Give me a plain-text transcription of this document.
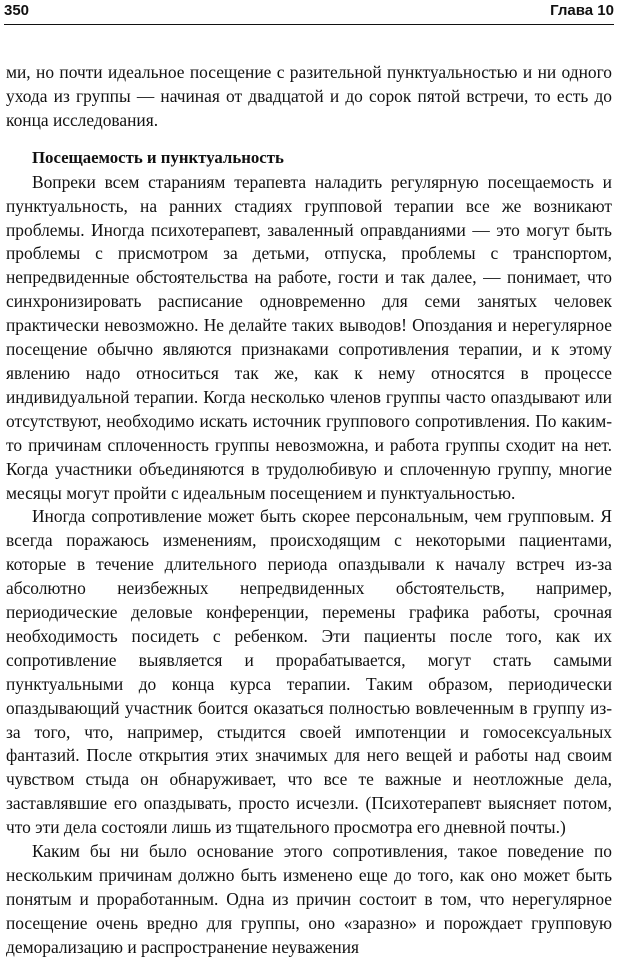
350	Глава 10

ми, но почти идеальное посещение с разительной пунктуальностью и ни одного ухода из группы — начиная от двадцатой и до сорок пятой встречи, то есть до конца исследования.

Посещаемость и пунктуальность

Вопреки всем стараниям терапевта наладить регулярную посещаемость и пунктуальность, на ранних стадиях групповой терапии все же возникают проблемы. Иногда психотерапевт, заваленный оправданиями — это могут быть проблемы с присмотром за детьми, отпуска, проблемы с транспортом, непредвиденные обстоятельства на работе, гости и так далее, — понимает, что синхронизировать расписание одновременно для семи занятых человек практически невозможно. Не делайте таких выводов! Опоздания и нерегулярное посещение обычно являются признаками сопротивления терапии, и к этому явлению надо относиться так же, как к нему относятся в процессе индивидуальной терапии. Когда несколько членов группы часто опаздывают или отсутствуют, необходимо искать источник группового сопротивления. По каким-то причинам сплоченность группы невозможна, и работа группы сходит на нет. Когда участники объединяются в трудолюбивую и сплоченную группу, многие месяцы могут пройти с идеальным посещением и пунктуальностью.

Иногда сопротивление может быть скорее персональным, чем групповым. Я всегда поражаюсь изменениям, происходящим с некоторыми пациентами, которые в течение длительного периода опаздывали к началу встреч из-за абсолютно неизбежных непредвиденных обстоятельств, например, периодические деловые конференции, перемены графика работы, срочная необходимость посидеть с ребенком. Эти пациенты после того, как их сопротивление выявляется и прорабатывается, могут стать самыми пунктуальными до конца курса терапии. Таким образом, периодически опаздывающий участник боится оказаться полностью вовлеченным в группу из-за того, что, например, стыдится своей импотенции и гомосексуальных фантазий. После открытия этих значимых для него вещей и работы над своим чувством стыда он обнаруживает, что все те важные и неотложные дела, заставлявшие его опаздывать, просто исчезли. (Психотерапевт выясняет потом, что эти дела состояли лишь из тщательного просмотра его дневной почты.)

Каким бы ни было основание этого сопротивления, такое поведение по нескольким причинам должно быть изменено еще до того, как оно может быть понятым и проработанным. Одна из причин состоит в том, что нерегулярное посещение очень вредно для группы, оно «заразно» и порождает групповую деморализацию и распространение неуважения
